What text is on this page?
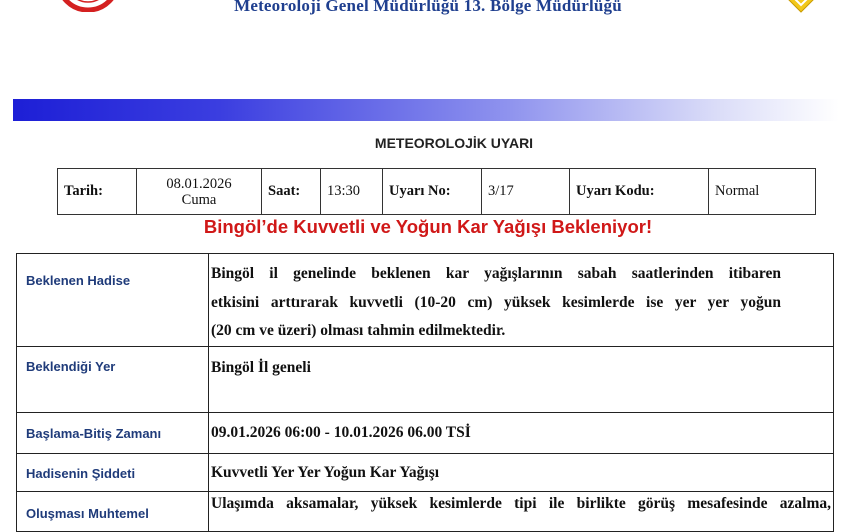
Meteoroloji Genel Müdürlüğü 13. Bölge Müdürlüğü
METEOROLOJİK UYARI
Tarih:	08.01.2026
Cuma
	Saat:	13:30	Uyarı No:	3/17	Uyarı Kodu:	Normal
Bingöl’de Kuvvetli ve Yoğun Kar Yağışı Bekleniyor!
Beklenen Hadise	Bingöl il genelinde beklenen kar yağışlarının sabah saatlerinden itibaren
etkisini arttırarak kuvvetli (10-20 cm) yüksek kesimlerde ise yer yer yoğun
(20 cm ve üzeri) olması tahmin edilmektedir.

Beklendiği Yer	Bingöl İl geneli
Başlama-Bitiş Zamanı	09.01.2026 06:00 - 10.01.2026 06.00 TSİ
Hadisenin Şiddeti	Kuvvetli Yer Yer Yoğun Kar Yağışı
Oluşması Muhtemel	Ulaşımda aksamalar, yüksek kesimlerde tipi ile birlikte görüş mesafesinde azalma,
